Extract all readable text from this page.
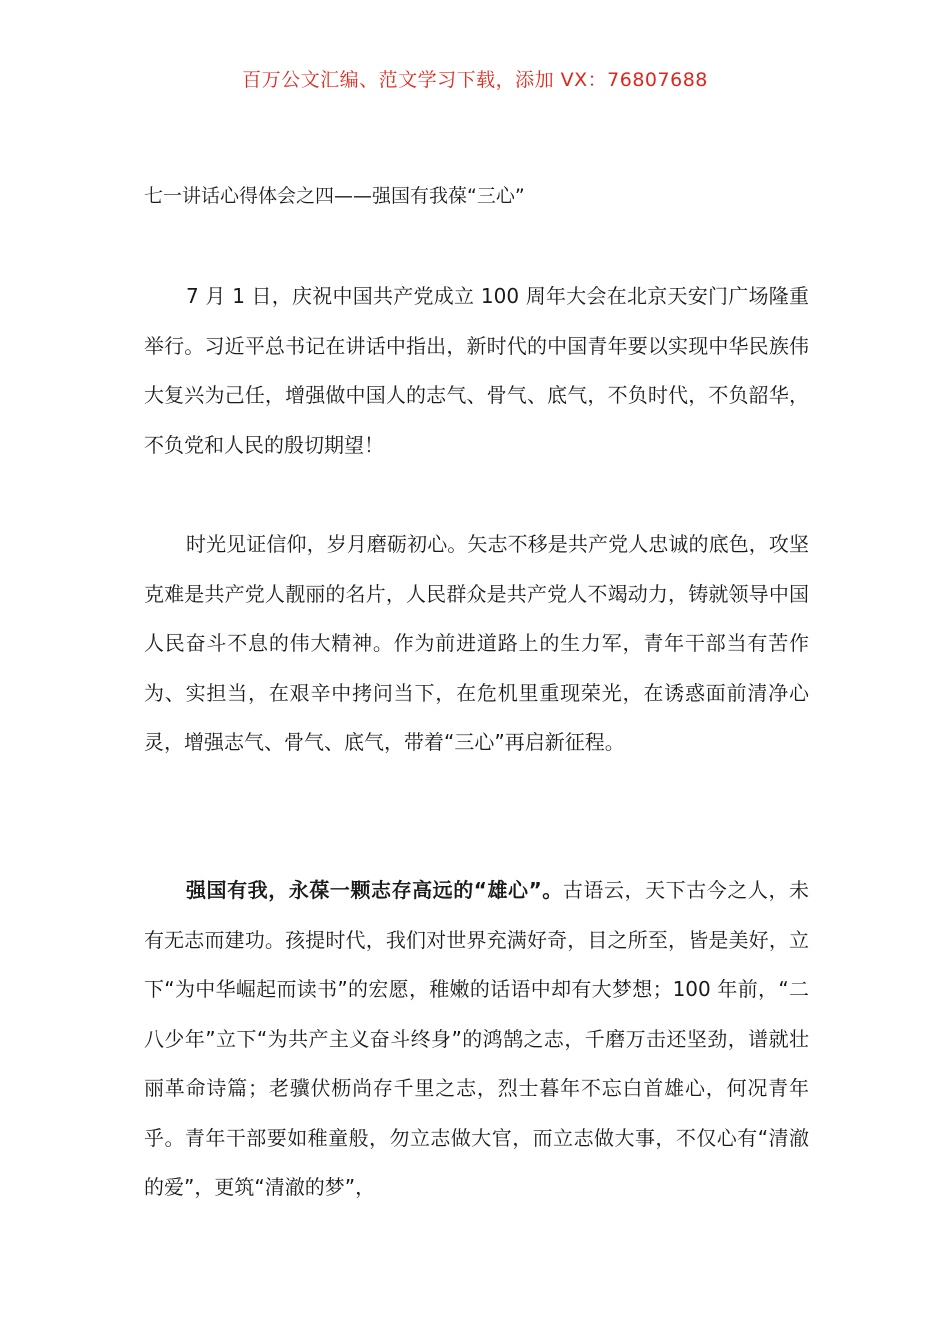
百万公文汇编、范文学习下载，添加 VX：76807688
七一讲话心得体会之四——强国有我葆“三心”

7 月 1 日，庆祝中国共产党成立 100 周年大会在北京天安门广场隆重举行。习近平总书记在讲话中指出，新时代的中国青年要以实现中华民族伟大复兴为己任，增强做中国人的志气、骨气、底气，不负时代，不负韶华，不负党和人民的殷切期望！

时光见证信仰，岁月磨砺初心。矢志不移是共产党人忠诚的底色，攻坚克难是共产党人靓丽的名片，人民群众是共产党人不竭动力，铸就领导中国人民奋斗不息的伟大精神。作为前进道路上的生力军，青年干部当有苦作为、实担当，在艰辛中拷问当下，在危机里重现荣光，在诱惑面前清净心灵，增强志气、骨气、底气，带着“三心”再启新征程。

强国有我，永葆一颗志存高远的“雄心”。古语云，天下古今之人，未有无志而建功。孩提时代，我们对世界充满好奇，目之所至，皆是美好，立下“为中华崛起而读书”的宏愿，稚嫩的话语中却有大梦想；100 年前，“二八少年”立下“为共产主义奋斗终身”的鸿鹄之志，千磨万击还坚劲，谱就壮丽革命诗篇；老骥伏枥尚存千里之志，烈士暮年不忘白首雄心，何况青年乎。青年干部要如稚童般，勿立志做大官，而立志做大事，不仅心有“清澈的爱”，更筑“清澈的梦”，
